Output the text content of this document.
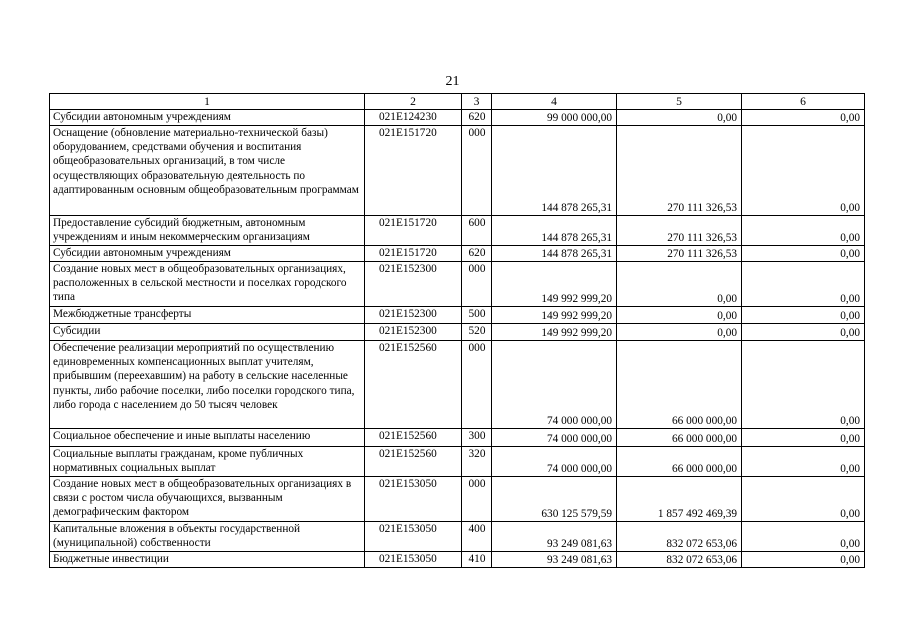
21
1	2	3	4	5	6
Субсидии автономным учреждениям	021Е124230	620	99 000 000,00	0,00	0,00
Оснащение (обновление материально-технической базы) оборудованием, средствами обучения и воспитания общеобразовательных организаций, в том числе осуществляющих образовательную деятельность по адаптированным основным общеобразовательным программам	021Е151720	000	144 878 265,31	270 111 326,53	0,00
Предоставление субсидий бюджетным, автономным учреждениям и иным некоммерческим организациям	021Е151720	600	144 878 265,31	270 111 326,53	0,00
Субсидии автономным учреждениям	021Е151720	620	144 878 265,31	270 111 326,53	0,00
Создание новых мест в общеобразовательных организациях, расположенных в сельской местности и поселках городского типа	021Е152300	000	149 992 999,20	0,00	0,00
Межбюджетные трансферты	021Е152300	500	149 992 999,20	0,00	0,00
Субсидии	021Е152300	520	149 992 999,20	0,00	0,00
Обеспечение реализации мероприятий по осуществлению единовременных компенсационных выплат учителям, прибывшим (переехавшим) на работу в сельские населенные пункты, либо рабочие поселки, либо поселки городского типа, либо города с населением до 50 тысяч человек	021Е152560	000	74 000 000,00	66 000 000,00	0,00
Социальное обеспечение и иные выплаты населению	021Е152560	300	74 000 000,00	66 000 000,00	0,00
Социальные выплаты гражданам, кроме публичных нормативных социальных выплат	021Е152560	320	74 000 000,00	66 000 000,00	0,00
Создание новых мест в общеобразовательных организациях в связи с ростом числа обучающихся, вызванным демографическим фактором	021Е153050	000	630 125 579,59	1 857 492 469,39	0,00
Капитальные вложения в объекты государственной (муниципальной) собственности	021Е153050	400	93 249 081,63	832 072 653,06	0,00
Бюджетные инвестиции	021Е153050	410	93 249 081,63	832 072 653,06	0,00
